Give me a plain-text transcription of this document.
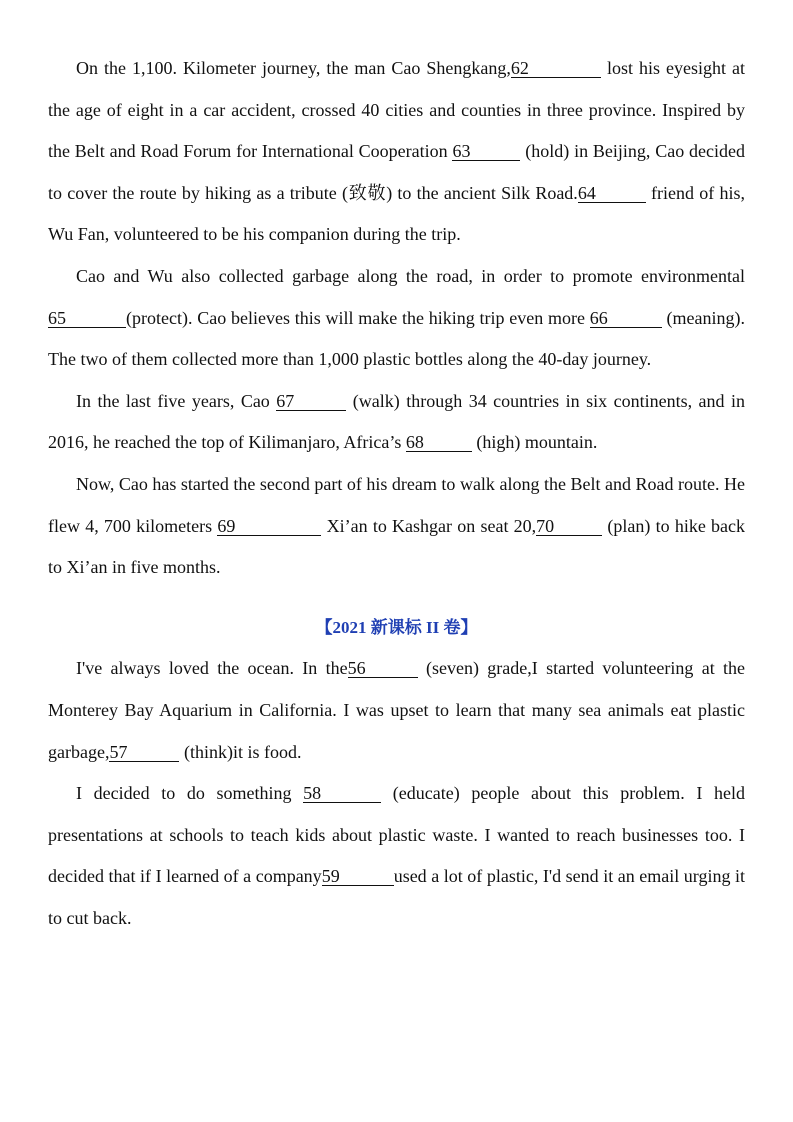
On the 1,100. Kilometer journey, the man Cao Shengkang,62	lost his eyesight at the age of eight in a car accident, crossed 40 cities and counties in three province. Inspired by the Belt and Road Forum for International Cooperation 63	(hold) in Beijing, Cao decided to cover the route by hiking as a tribute (致敬) to the ancient Silk Road.64	friend of his, Wu Fan, volunteered to be his companion during the trip.

Cao and Wu also collected garbage along the road, in order to promote environmental 65	(protect). Cao believes this will make the hiking trip even more 66	(meaning). The two of them collected more than 1,000 plastic bottles along the 40-day journey.

In the last five years, Cao 67	(walk) through 34 countries in six continents, and in 2016, he reached the top of Kilimanjaro, Africa’s 68	(high) mountain.

Now, Cao has started the second part of his dream to walk along the Belt and Road route. He flew 4, 700 kilometers 69	Xi’an to Kashgar on seat 20,70	(plan) to hike back to Xi’an in five months.

【2021 新课标 II 卷】

I've always loved the ocean. In the56	(seven) grade,I started volunteering at the Monterey Bay Aquarium in California. I was upset to learn that many sea animals eat plastic garbage,57	(think)it is food.

I decided to do something 58	(educate) people about this problem. I held presentations at schools to teach kids about plastic waste. I wanted to reach businesses too. I decided that if I learned of a company59	used a lot of plastic, I'd send it an email urging it to cut back.
